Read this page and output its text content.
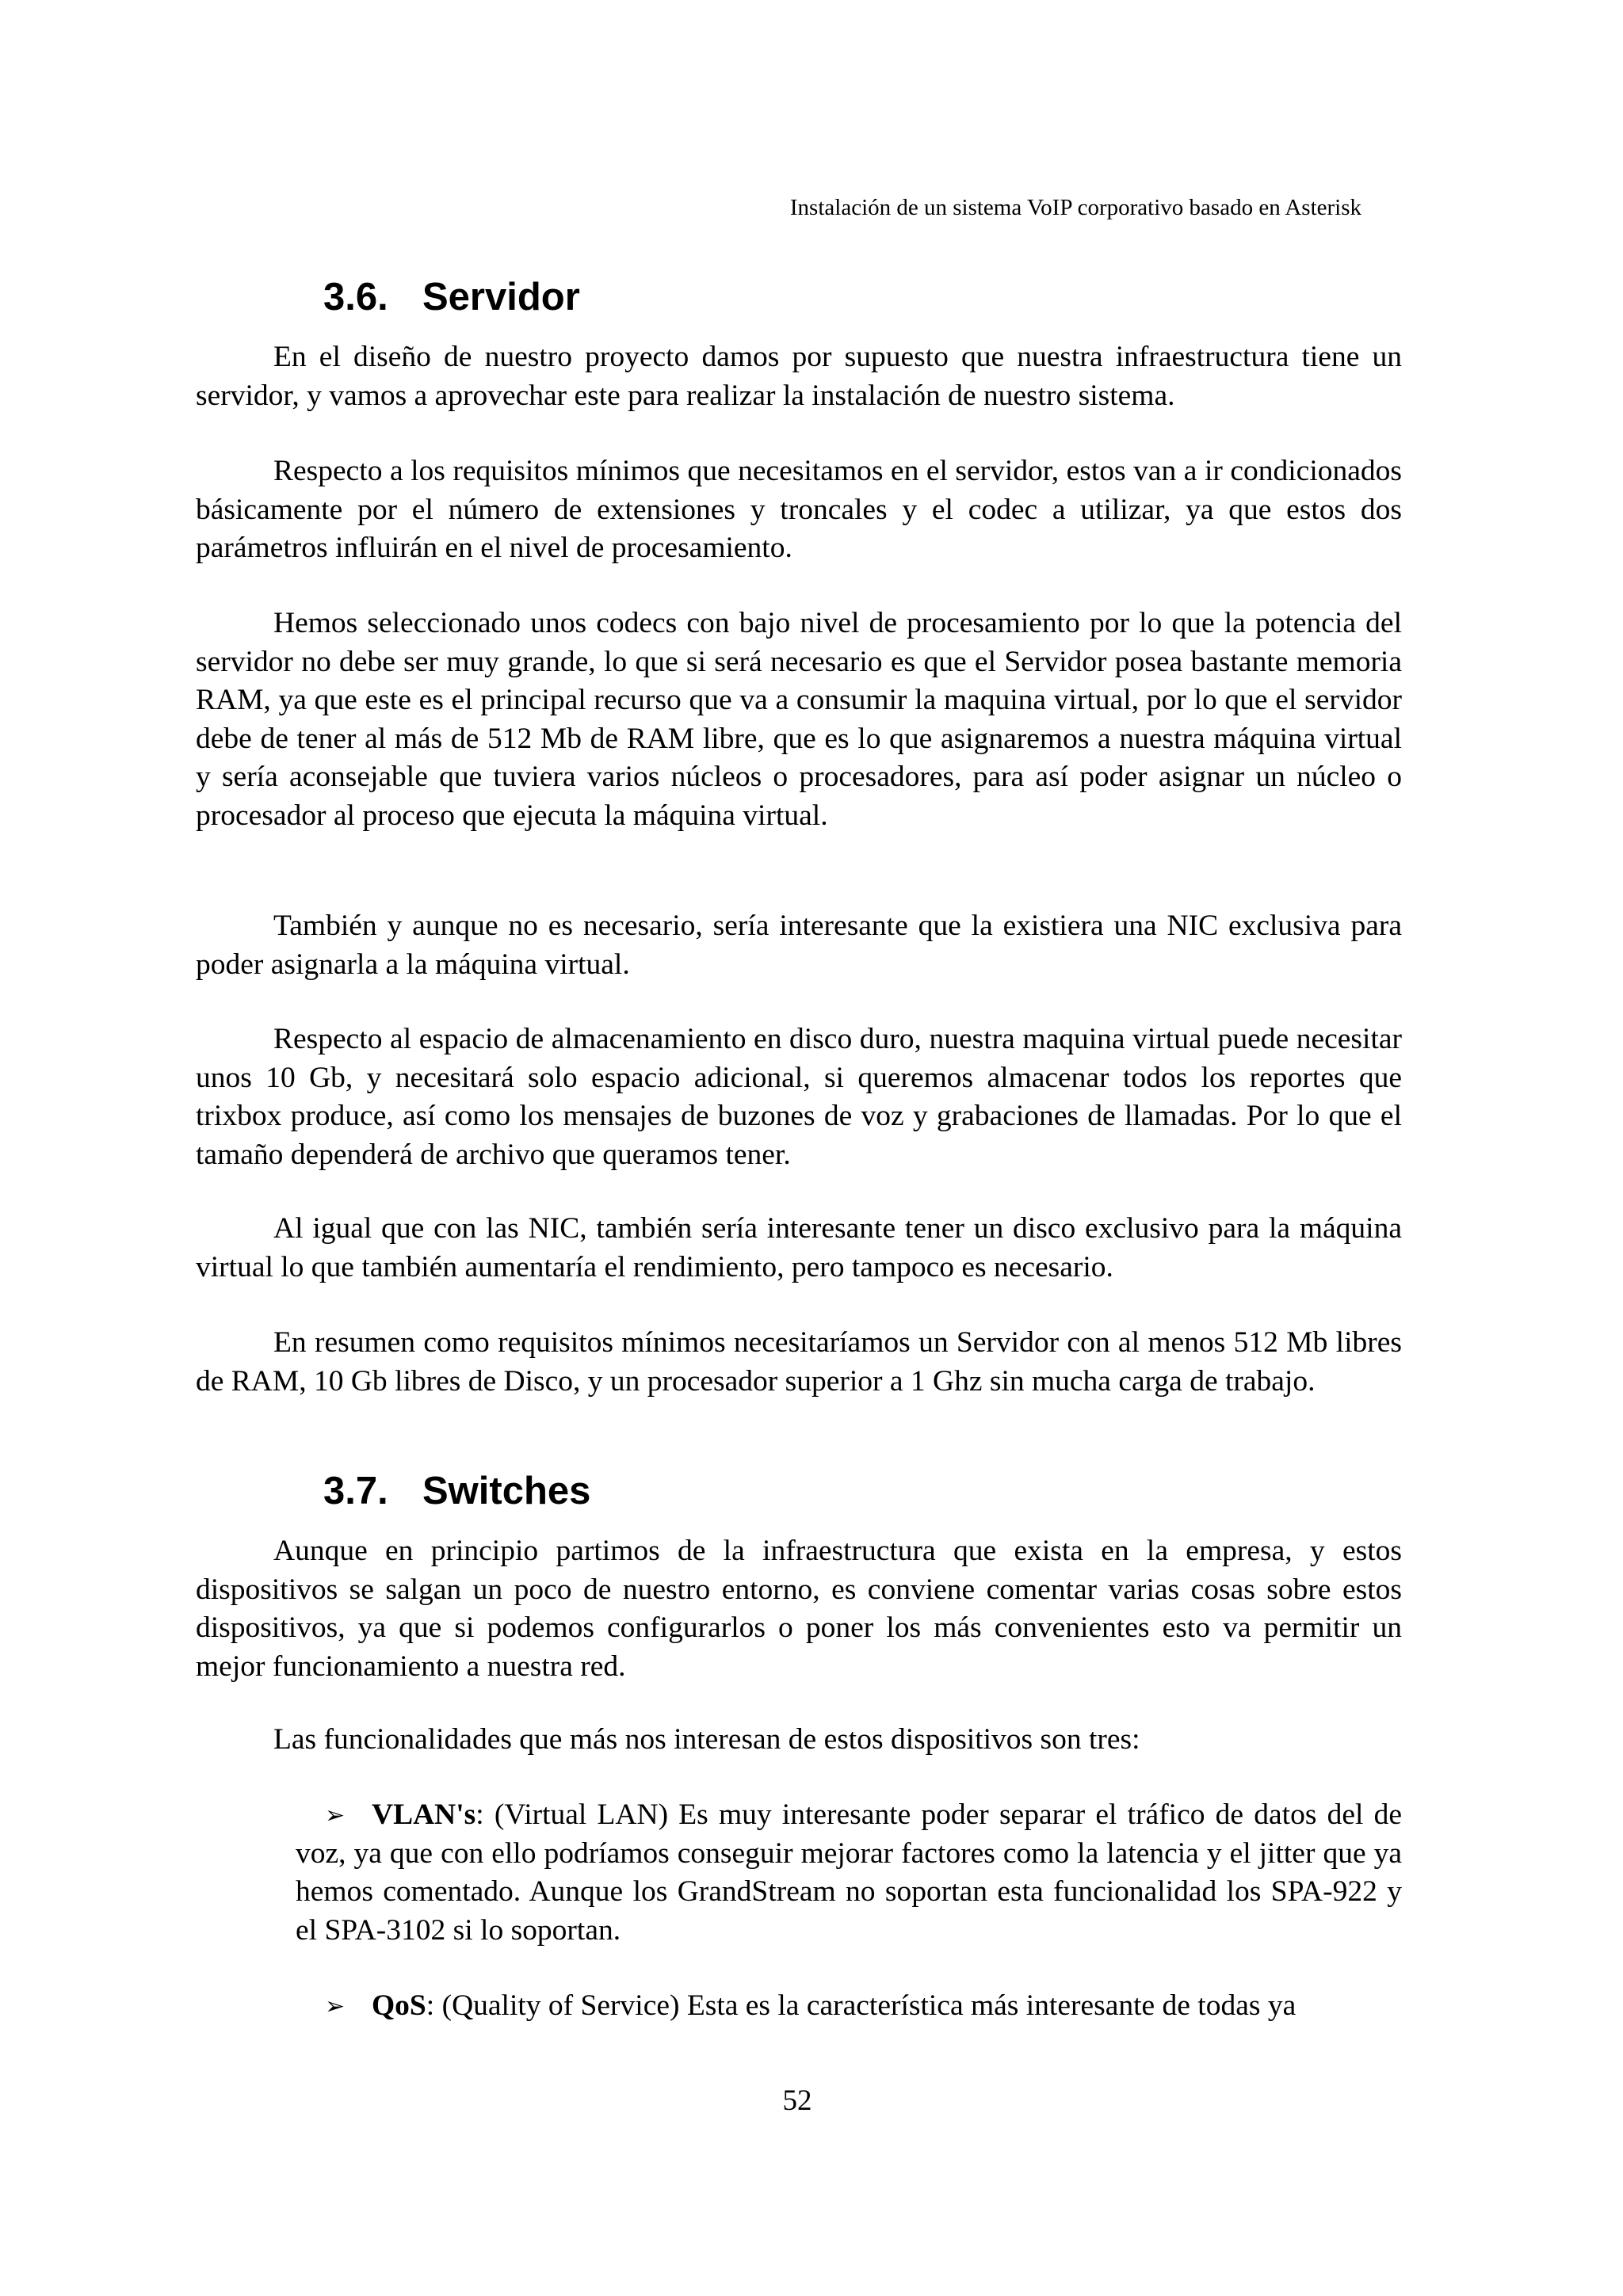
Instalación de un sistema VoIP corporativo basado en Asterisk
3.6. Servidor

En el diseño de nuestro proyecto damos por supuesto que nuestra infraestructura tiene un servidor, y vamos a aprovechar este para realizar la instalación de nuestro sistema.

Respecto a los requisitos mínimos que necesitamos en el servidor, estos van a ir condicionados básicamente por el número de extensiones y troncales y el codec a utilizar, ya que estos dos parámetros influirán en el nivel de procesamiento.

Hemos seleccionado unos codecs con bajo nivel de procesamiento por lo que la potencia del servidor no debe ser muy grande, lo que si será necesario es que el Servidor posea bastante memoria RAM, ya que este es el principal recurso que va a consumir la maquina virtual, por lo que el servidor debe de tener al más de 512 Mb de RAM libre, que es lo que asignaremos a nuestra máquina virtual y sería aconsejable que tuviera varios núcleos o procesadores, para así poder asignar un núcleo o procesador al proceso que ejecuta la máquina virtual.

También y aunque no es necesario, sería interesante que la existiera una NIC exclusiva para poder asignarla a la máquina virtual.

Respecto al espacio de almacenamiento en disco duro, nuestra maquina virtual puede necesitar unos 10 Gb, y necesitará solo espacio adicional, si queremos almacenar todos los reportes que trixbox produce, así como los mensajes de buzones de voz y grabaciones de llamadas. Por lo que el tamaño dependerá de archivo que queramos tener.

Al igual que con las NIC, también sería interesante tener un disco exclusivo para la máquina virtual lo que también aumentaría el rendimiento, pero tampoco es necesario.

En resumen como requisitos mínimos necesitaríamos un Servidor con al menos 512 Mb libres de RAM, 10 Gb libres de Disco, y un procesador superior a 1 Ghz sin mucha carga de trabajo.

3.7. Switches

Aunque en principio partimos de la infraestructura que exista en la empresa, y estos dispositivos se salgan un poco de nuestro entorno, es conviene comentar varias cosas sobre estos dispositivos, ya que si podemos configurarlos o poner los más convenientes esto va permitir un mejor funcionamiento a nuestra red.

Las funcionalidades que más nos interesan de estos dispositivos son tres:

➢ VLAN's: (Virtual LAN) Es muy interesante poder separar el tráfico de datos del de voz, ya que con ello podríamos conseguir mejorar factores como la latencia y el jitter que ya hemos comentado. Aunque los GrandStream no soportan esta funcionalidad los SPA-922 y el SPA-3102 si lo soportan.

➢ QoS: (Quality of Service) Esta es la característica más interesante de todas ya

52
